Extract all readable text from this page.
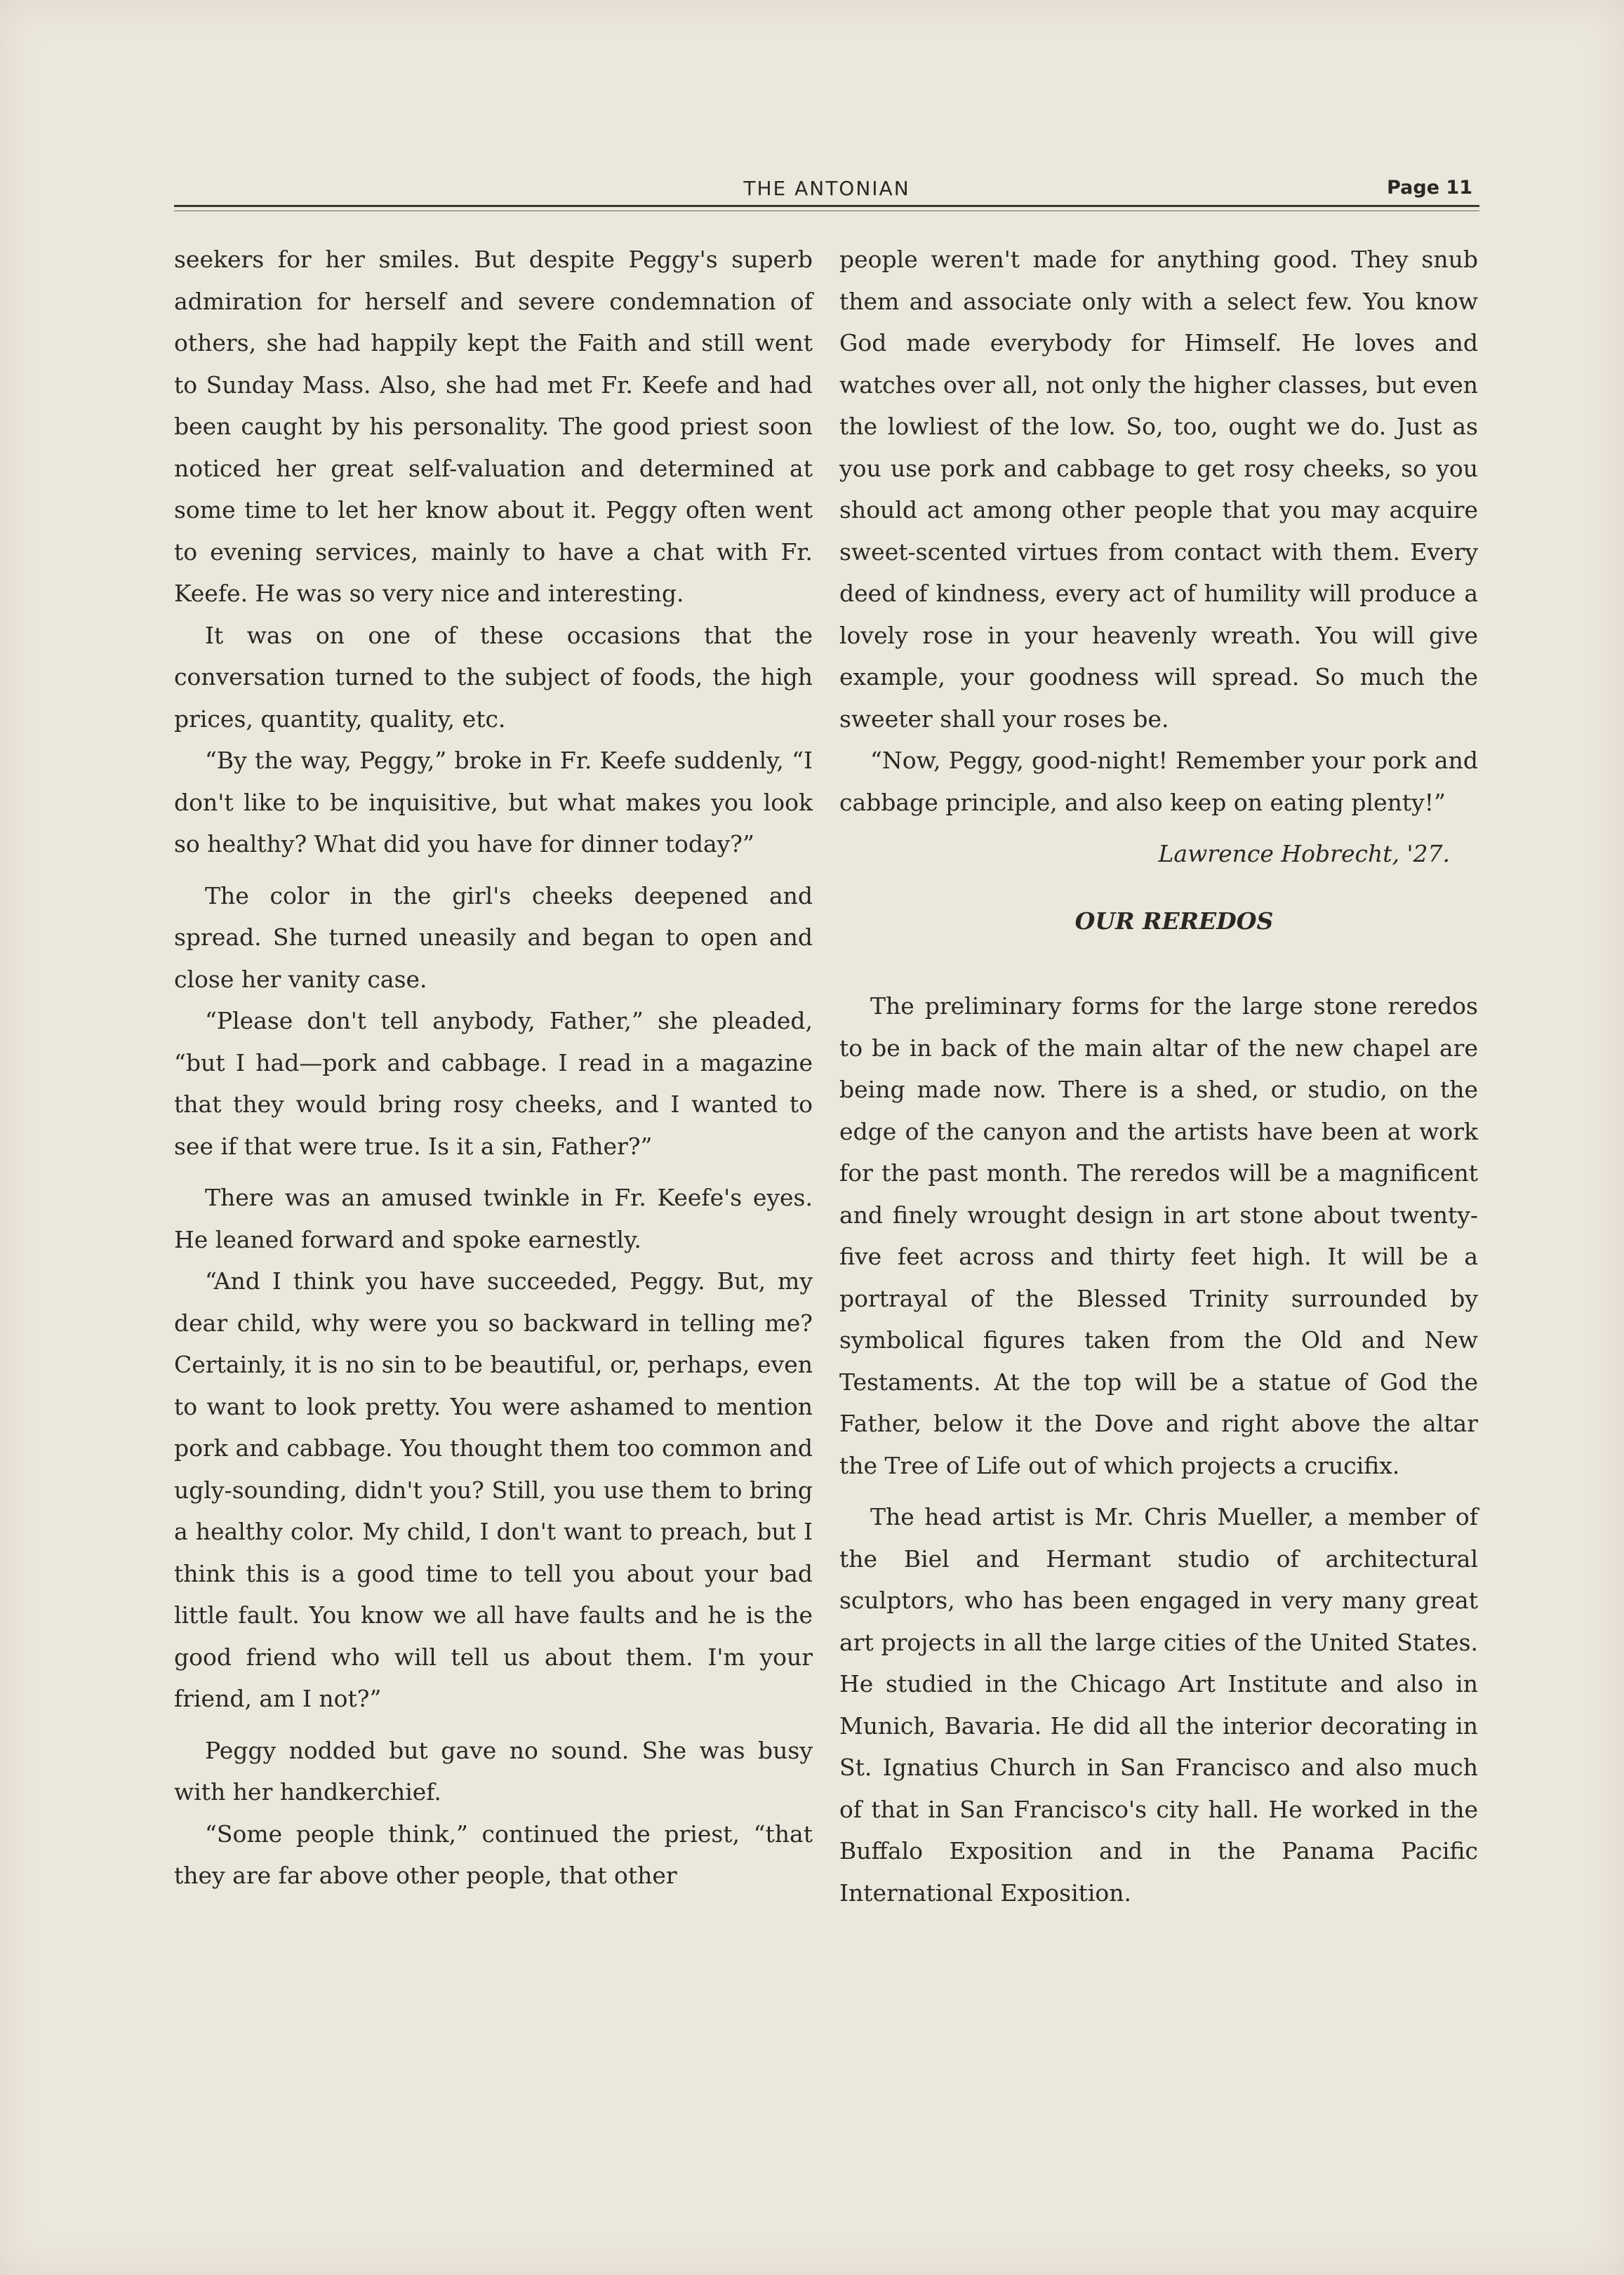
THE ANTONIAN	Page 11

seekers for her smiles. But despite Peggy's superb admiration for herself and severe condemnation of others, she had happily kept the Faith and still went to Sunday Mass. Also, she had met Fr. Keefe and had been caught by his personality. The good priest soon noticed her great self-valuation and determined at some time to let her know about it. Peggy often went to evening services, mainly to have a chat with Fr. Keefe. He was so very nice and interesting.

It was on one of these occasions that the conversation turned to the subject of foods, the high prices, quantity, quality, etc.

“By the way, Peggy,” broke in Fr. Keefe suddenly, “I don't like to be inquisitive, but what makes you look so healthy? What did you have for dinner today?”

The color in the girl's cheeks deepened and spread. She turned uneasily and began to open and close her vanity case.

“Please don't tell anybody, Father,” she pleaded, “but I had—pork and cabbage. I read in a magazine that they would bring rosy cheeks, and I wanted to see if that were true. Is it a sin, Father?”

There was an amused twinkle in Fr. Keefe's eyes. He leaned forward and spoke earnestly.

“And I think you have succeeded, Peggy. But, my dear child, why were you so backward in telling me? Certainly, it is no sin to be beautiful, or, perhaps, even to want to look pretty. You were ashamed to mention pork and cabbage. You thought them too common and ugly-sounding, didn't you? Still, you use them to bring a healthy color. My child, I don't want to preach, but I think this is a good time to tell you about your bad little fault. You know we all have faults and he is the good friend who will tell us about them. I'm your friend, am I not?”

Peggy nodded but gave no sound. She was busy with her handkerchief.

“Some people think,” continued the priest, “that they are far above other people, that other

people weren't made for anything good. They snub them and associate only with a select few. You know God made everybody for Himself. He loves and watches over all, not only the higher classes, but even the lowliest of the low. So, too, ought we do. Just as you use pork and cabbage to get rosy cheeks, so you should act among other people that you may acquire sweet-scented virtues from contact with them. Every deed of kindness, every act of humility will produce a lovely rose in your heavenly wreath. You will give example, your goodness will spread. So much the sweeter shall your roses be.

“Now, Peggy, good-night! Remember your pork and cabbage principle, and also keep on eating plenty!”

Lawrence Hobrecht, '27.

OUR REREDOS

The preliminary forms for the large stone reredos to be in back of the main altar of the new chapel are being made now. There is a shed, or studio, on the edge of the canyon and the artists have been at work for the past month. The reredos will be a magnificent and finely wrought design in art stone about twenty-five feet across and thirty feet high. It will be a portrayal of the Blessed Trinity surrounded by symbolical figures taken from the Old and New Testaments. At the top will be a statue of God the Father, below it the Dove and right above the altar the Tree of Life out of which projects a crucifix.

The head artist is Mr. Chris Mueller, a member of the Biel and Hermant studio of architectural sculptors, who has been engaged in very many great art projects in all the large cities of the United States. He studied in the Chicago Art Institute and also in Munich, Bavaria. He did all the interior decorating in St. Ignatius Church in San Francisco and also much of that in San Francisco's city hall. He worked in the Buffalo Exposition and in the Panama Pacific International Exposition.
